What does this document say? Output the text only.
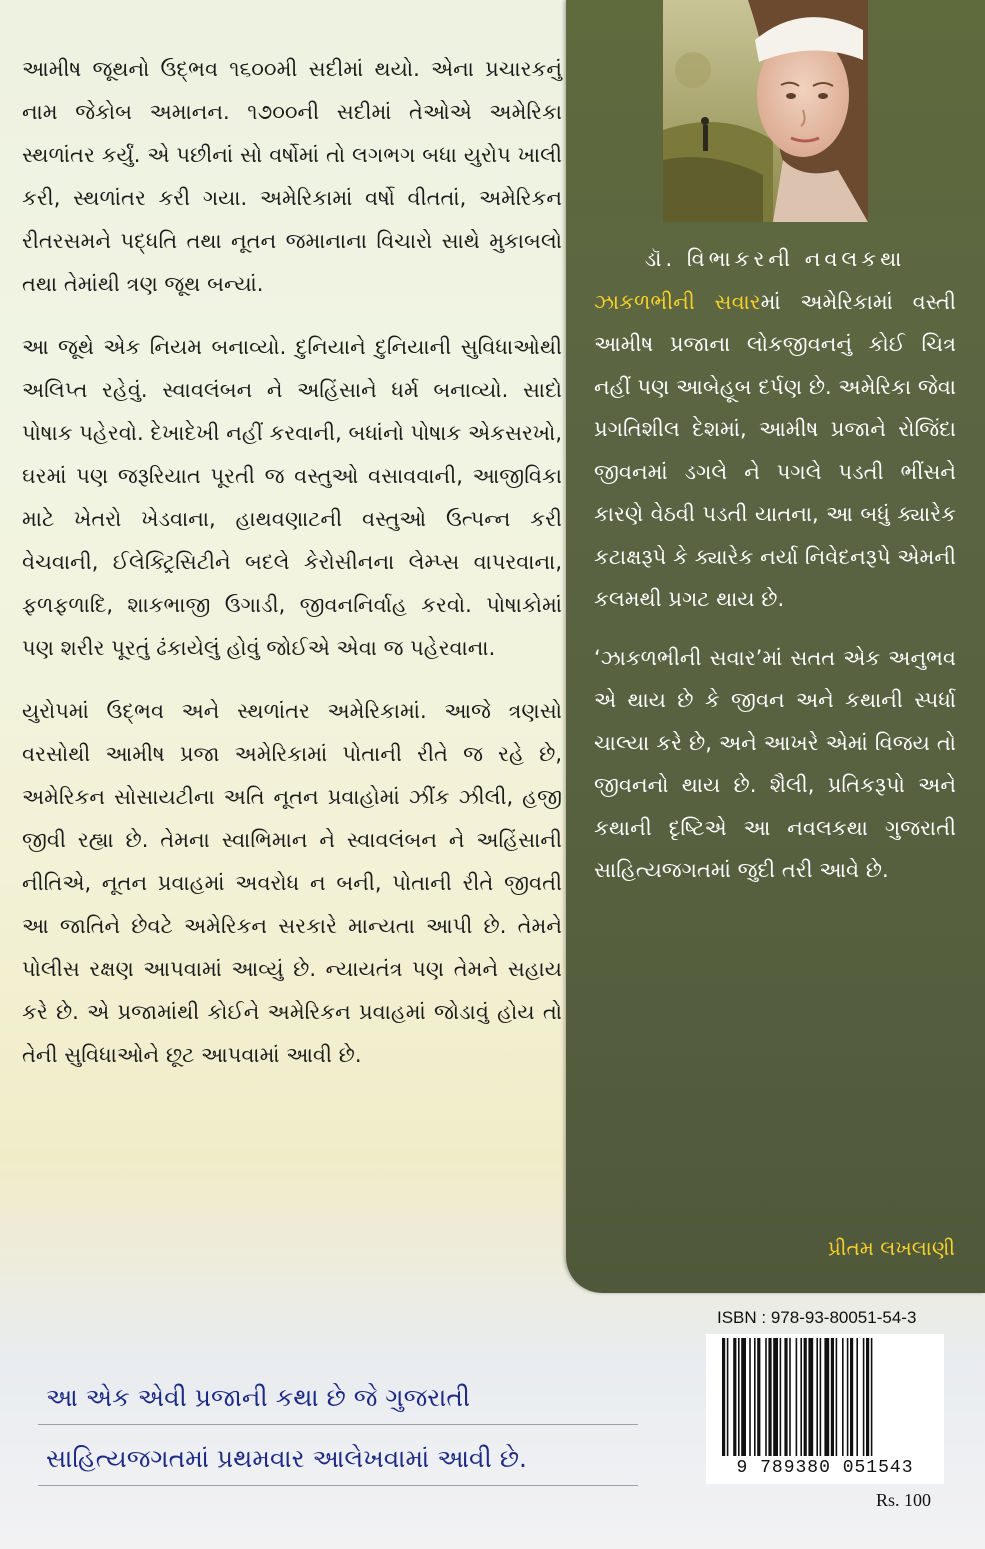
આમીષ જૂથનો ઉદ્ભવ ૧૬૦૦મી સદીમાં થયો. એના પ્રચારકનું નામ જેકોબ અમાનન. ૧૭૦૦ની સદીમાં તેઓએ અમેરિકા સ્થળાંતર કર્યું. એ પછીનાં સો વર્ષોમાં તો લગભગ બધા યુરોપ ખાલી કરી, સ્થળાંતર કરી ગયા. અમેરિકામાં વર્ષો વીતતાં, અમેરિકન રીતરસમને પદ્ધતિ તથા નૂતન જમાનાના વિચારો સાથે મુકાબલો તથા તેમાંથી ત્રણ જૂથ બન્યાં.

આ જૂથે એક નિયમ બનાવ્યો. દુનિયાને દુનિયાની સુવિધાઓથી અલિપ્ત રહેવું. સ્વાવલંબન ને અહિંસાને ધર્મ બનાવ્યો. સાદો પોષાક પહેરવો. દેખાદેખી નહીં કરવાની, બધાંનો પોષાક એકસરખો, ઘરમાં પણ જરૂરિયાત પૂરતી જ વસ્તુઓ વસાવવાની, આજીવિકા માટે ખેતરો ખેડવાના, હાથવણાટની વસ્તુઓ ઉત્પન્ન કરી વેચવાની, ઈલેક્ટ્રિસિટીને બદલે કેરોસીનના લેમ્પ્સ વાપરવાના, ફળફળાદિ, શાકભાજી ઉગાડી, જીવનનિર્વાહ કરવો. પોષાકોમાં પણ શરીર પૂરતું ઢંકાયેલું હોવું જોઈએ એવા જ પહેરવાના.

યુરોપમાં ઉદ્ભવ અને સ્થળાંતર અમેરિકામાં. આજે ત્રણસો વરસોથી આમીષ પ્રજા અમેરિકામાં પોતાની રીતે જ રહે છે, અમેરિકન સોસાયટીના અતિ નૂતન પ્રવાહોમાં ઝીંક ઝીલી, હજી જીવી રહ્યા છે. તેમના સ્વાભિમાન ને સ્વાવલંબન ને અહિંસાની નીતિએ, નૂતન પ્રવાહમાં અવરોધ ન બની, પોતાની રીતે જીવતી આ જાતિને છેવટે અમેરિકન સરકારે માન્યતા આપી છે. તેમને પોલીસ રક્ષણ આપવામાં આવ્યું છે. ન્યાયતંત્ર પણ તેમને સહાય કરે છે. એ પ્રજામાંથી કોઈને અમેરિકન પ્રવાહમાં જોડાવું હોય તો તેની સુવિધાઓને છૂટ આપવામાં આવી છે.

ડૉ. વિભાકરની નવલકથા

ઝાકળભીની સવારમાં અમેરિકામાં વસ્તી આમીષ પ્રજાના લોકજીવનનું કોઈ ચિત્ર નહીં પણ આબેહૂબ દર્પણ છે. અમેરિકા જેવા પ્રગતિશીલ દેશમાં, આમીષ પ્રજાને રોજિંદા જીવનમાં ડગલે ને પગલે પડતી ભીંસને કારણે વેઠવી પડતી યાતના, આ બધું ક્યારેક કટાક્ષરૂપે કે ક્યારેક નર્યા નિવેદનરૂપે એમની કલમથી પ્રગટ થાય છે.

‘ઝાકળભીની સવાર’માં સતત એક અનુભવ એ થાય છે કે જીવન અને કથાની સ્પર્ધા ચાલ્યા કરે છે, અને આખરે એમાં વિજય તો જીવનનો થાય છે. શૈલી, પ્રતિકરૂપો અને કથાની દૃષ્ટિએ આ નવલકથા ગુજરાતી સાહિત્યજગતમાં જુદી તરી આવે છે.

પ્રીતમ લખલાણી
આ એક એવી પ્રજાની કથા છે જે ગુજરાતી
સાહિત્યજગતમાં પ્રથમવાર આલેખવામાં આવી છે.
ISBN : 978-93-80051-54-3
9 789380 051543
Rs. 100
